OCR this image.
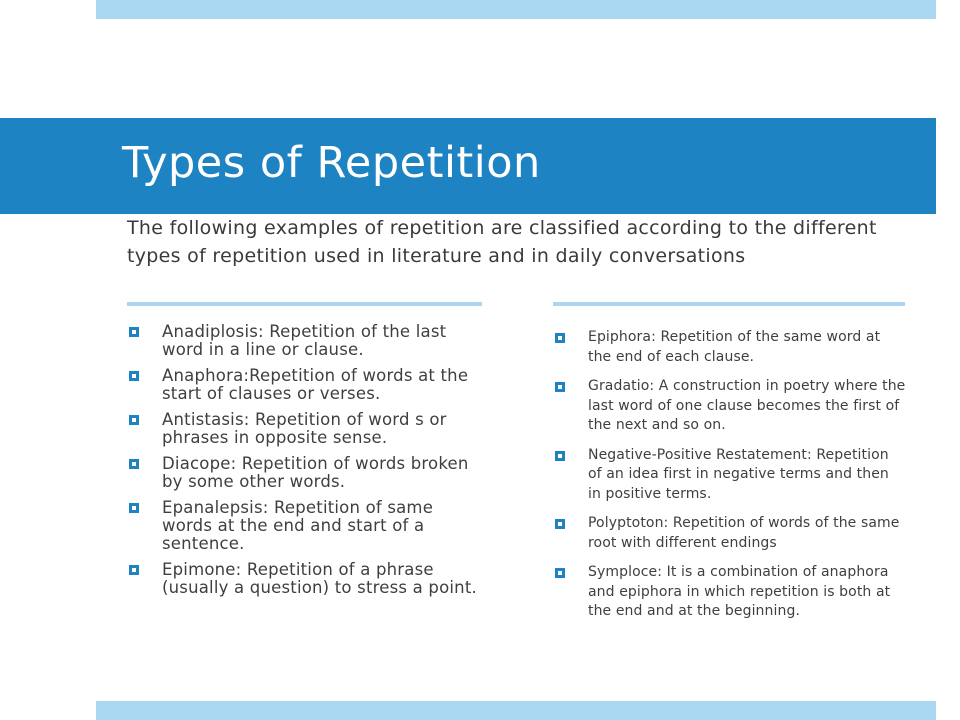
Types of Repetition

The following examples of repetition are classified according to the different types of repetition used in literature and in daily conversations

Anadiplosis: Repetition of the last word in a line or clause.
Anaphora:Repetition of words at the start of clauses or verses.
Antistasis: Repetition of word s or phrases in opposite sense.
Diacope: Repetition of words broken by some other words.
Epanalepsis: Repetition of same words at the end and start of a sentence.
Epimone: Repetition of a phrase (usually a question) to stress a point.
Epiphora: Repetition of the same word at the end of each clause.
Gradatio: A construction in poetry where the last word of one clause becomes the first of the next and so on.
Negative-Positive Restatement: Repetition of an idea first in negative terms and then in positive terms.
Polyptoton: Repetition of words of the same root with different endings
Symploce: It is a combination of anaphora and epiphora in which repetition is both at the end and at the beginning.
